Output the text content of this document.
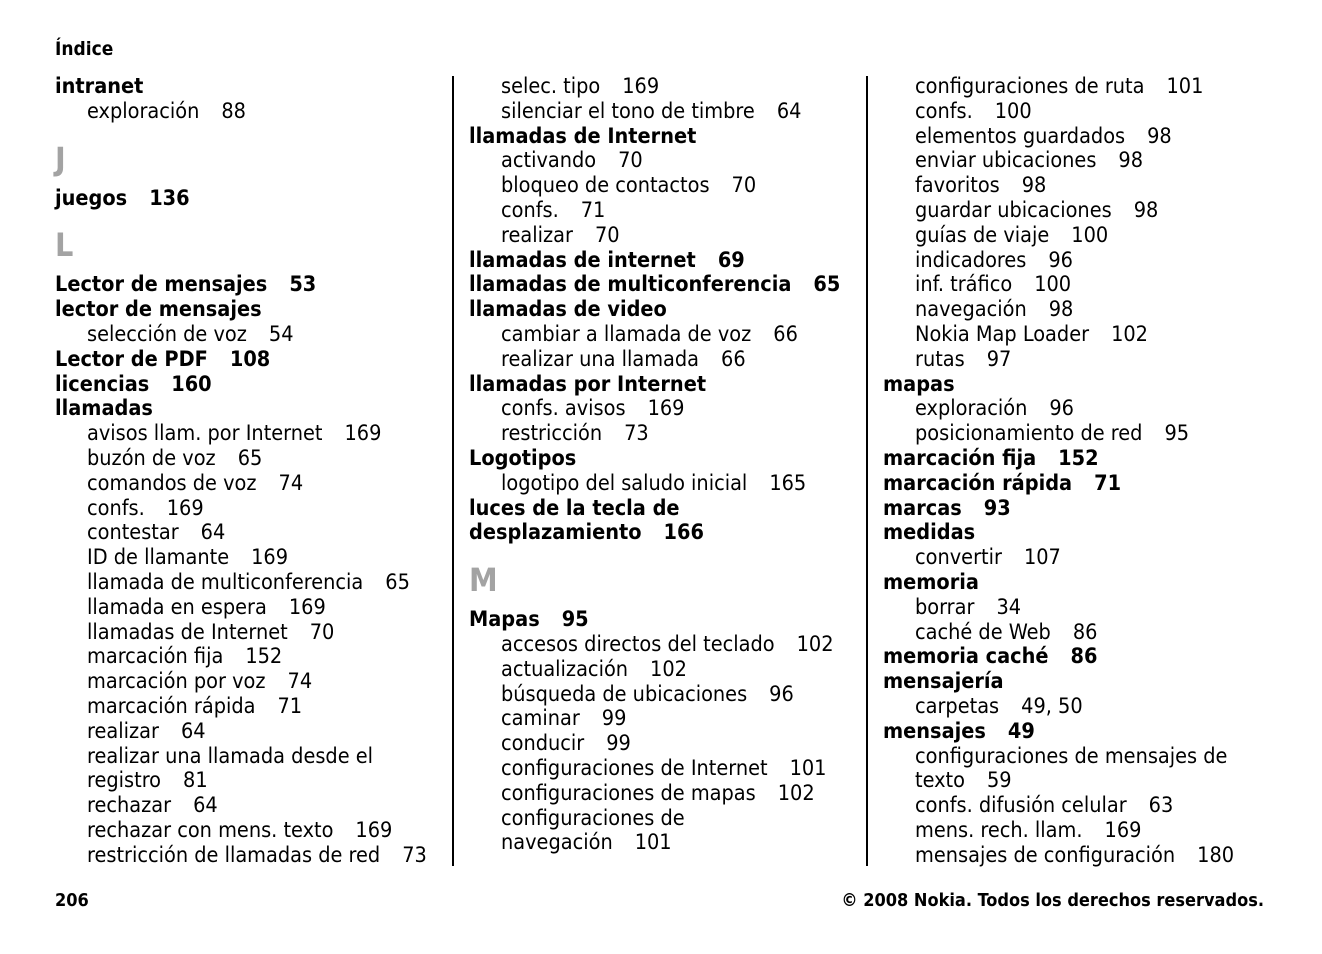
Índice
intranet
exploración 88
J
juegos 136
L
Lector de mensajes 53
lector de mensajes
selección de voz 54
Lector de PDF 108
licencias 160
llamadas
avisos llam. por Internet 169
buzón de voz 65
comandos de voz 74
confs. 169
contestar 64
ID de llamante 169
llamada de multiconferencia 65
llamada en espera 169
llamadas de Internet 70
marcación fija 152
marcación por voz 74
marcación rápida 71
realizar 64
realizar una llamada desde el
registro 81
rechazar 64
rechazar con mens. texto 169
restricción de llamadas de red 73
selec. tipo 169
silenciar el tono de timbre 64
llamadas de Internet
activando 70
bloqueo de contactos 70
confs. 71
realizar 70
llamadas de internet 69
llamadas de multiconferencia 65
llamadas de video
cambiar a llamada de voz 66
realizar una llamada 66
llamadas por Internet
confs. avisos 169
restricción 73
Logotipos
logotipo del saludo inicial 165
luces de la tecla de
desplazamiento 166
M
Mapas 95
accesos directos del teclado 102
actualización 102
búsqueda de ubicaciones 96
caminar 99
conducir 99
configuraciones de Internet 101
configuraciones de mapas 102
configuraciones de
navegación 101
configuraciones de ruta 101
confs. 100
elementos guardados 98
enviar ubicaciones 98
favoritos 98
guardar ubicaciones 98
guías de viaje 100
indicadores 96
inf. tráfico 100
navegación 98
Nokia Map Loader 102
rutas 97
mapas
exploración 96
posicionamiento de red 95
marcación fija 152
marcación rápida 71
marcas 93
medidas
convertir 107
memoria
borrar 34
caché de Web 86
memoria caché 86
mensajería
carpetas 49, 50
mensajes 49
configuraciones de mensajes de
texto 59
confs. difusión celular 63
mens. rech. llam. 169
mensajes de configuración 180
206	© 2008 Nokia. Todos los derechos reservados.
